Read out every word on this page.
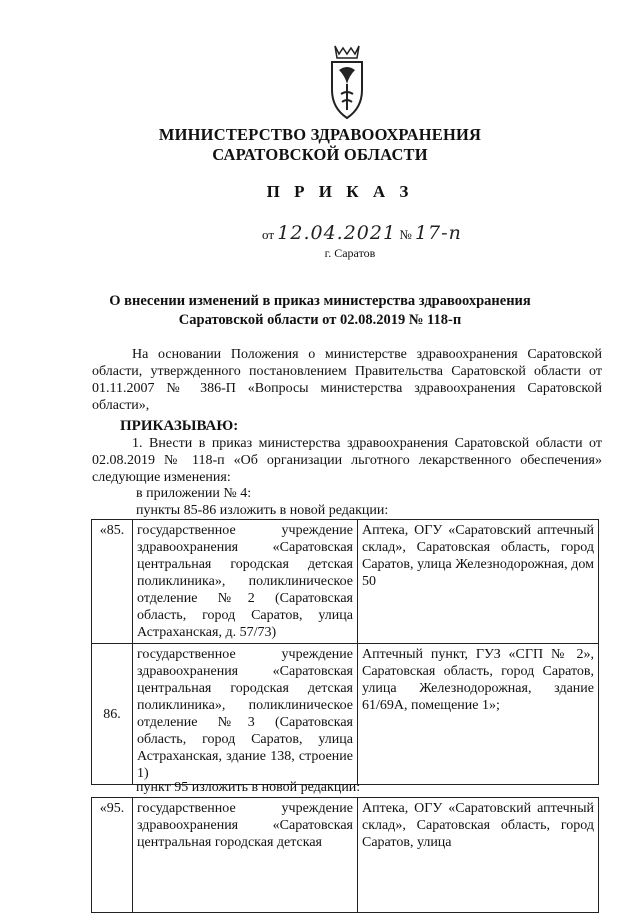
МИНИСТЕРСТВО ЗДРАВООХРАНЕНИЯ
САРАТОВСКОЙ ОБЛАСТИ
П Р И К А З
от 12.04.2021 № 17-п
г. Саратов
О внесении изменений в приказ министерства здравоохранения
Саратовской области от 02.08.2019 № 118-п

На основании Положения о министерстве здравоохранения Саратовской области, утвержденного постановлением Правительства Саратовской области от 01.11.2007 № 386-П «Вопросы министерства здравоохранения Саратовской области»,

ПРИКАЗЫВАЮ:

1. Внести в приказ министерства здравоохранения Саратовской области от 02.08.2019 № 118-п «Об организации льготного лекарственного обеспечения» следующие изменения:

в приложении № 4:
пункты 85-86 изложить в новой редакции:
«85.	государственное учреждение здравоохранения «Саратовская центральная городская детская поликлиника», поликлиническое отделение №2 (Саратовская область, город Саратов, улица Астраханская, д. 57/73)	Аптека, ОГУ «Саратовский аптечный склад», Саратовская область, город Саратов, улица Железнодорожная, дом 50
86.	государственное учреждение здравоохранения «Саратовская центральная городская детская поликлиника», поликлиническое отделение №3 (Саратовская область, город Саратов, улица Астраханская, здание 138, строение 1)	Аптечный пункт, ГУЗ «СГП № 2», Саратовская область, город Саратов, улица Железнодорожная, здание 61/69А, помещение 1»;
пункт 95 изложить в новой редакции:
«95.	государственное учреждение здравоохранения «Саратовская центральная городская детская	Аптека, ОГУ «Саратовский аптечный склад», Саратовская область, город Саратов, улица
